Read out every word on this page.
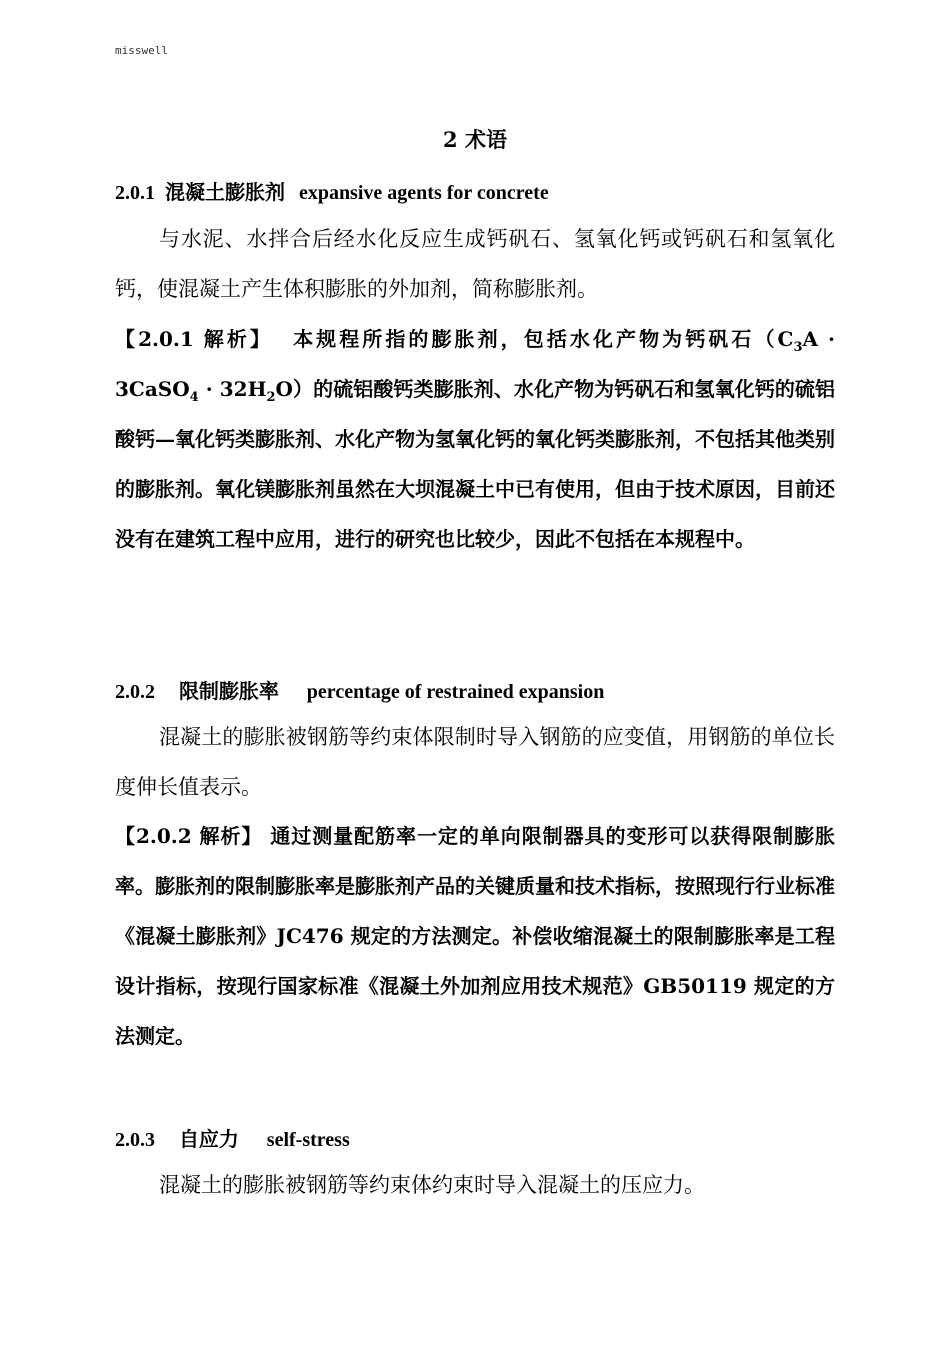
misswell
2 术语
2.0.1 混凝土膨胀剂 expansive agents for concrete

与水泥、水拌合后经水化反应生成钙矾石、氢氧化钙或钙矾石和氢氧化钙，使混凝土产生体积膨胀的外加剂，简称膨胀剂。

【2.0.1 解析】 本规程所指的膨胀剂，包括水化产物为钙矾石（$C_3A$ · 3CaSO$_4$ · $32H_2O$）的硫铝酸钙类膨胀剂、水化产物为钙矾石和氢氧化钙的硫铝酸钙—氧化钙类膨胀剂、水化产物为氢氧化钙的氧化钙类膨胀剂，不包括其他类别的膨胀剂。氧化镁膨胀剂虽然在大坝混凝土中已有使用，但由于技术原因，目前还没有在建筑工程中应用，进行的研究也比较少，因此不包括在本规程中。

2.0.2 限制膨胀率 percentage of restrained expansion

混凝土的膨胀被钢筋等约束体限制时导入钢筋的应变值，用钢筋的单位长度伸长值表示。

【2.0.2 解析】 通过测量配筋率一定的单向限制器具的变形可以获得限制膨胀率。膨胀剂的限制膨胀率是膨胀剂产品的关键质量和技术指标，按照现行行业标准《混凝土膨胀剂》JC476 规定的方法测定。补偿收缩混凝土的限制膨胀率是工程设计指标，按现行国家标准《混凝土外加剂应用技术规范》GB50119 规定的方法测定。

2.0.3 自应力 self-stress

混凝土的膨胀被钢筋等约束体约束时导入混凝土的压应力。
